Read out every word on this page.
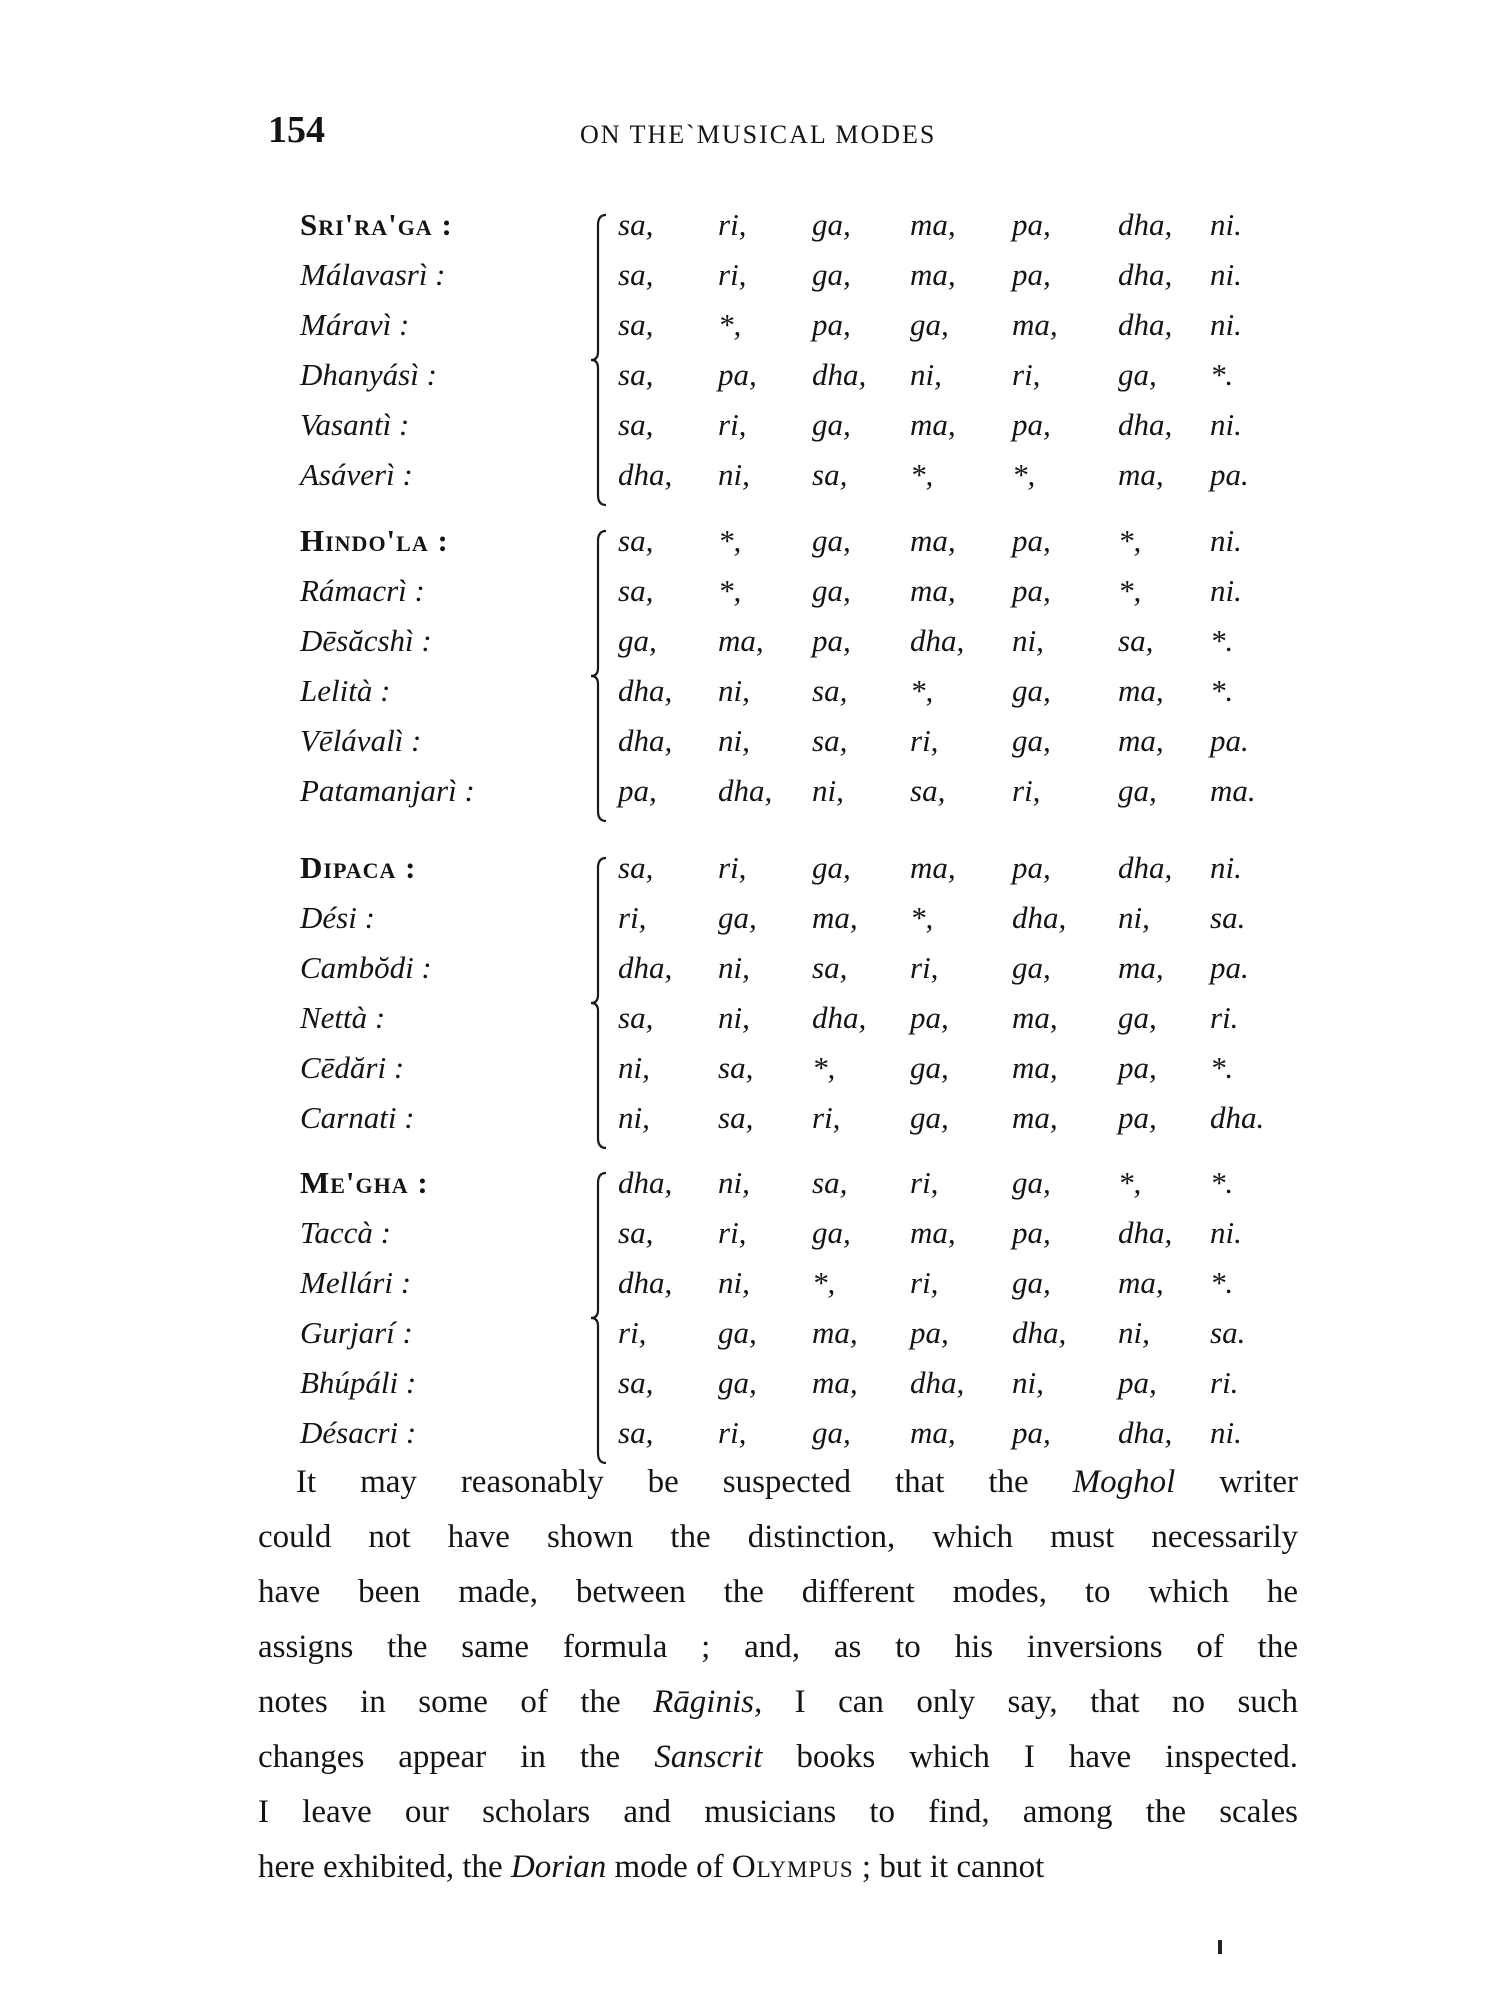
154	ON THE`MUSICAL MODES
Sri'ra'ga :	sa, ri, ga, ma, pa, dha, ni.
Málavasrì :	sa, ri, ga, ma, pa, dha, ni.
Máravì :	sa, *, pa, ga, ma, dha, ni.
Dhanyásì :	sa, pa, dha, ni, ri,	ga, *.
Vasantì :	sa, ri, ga, ma, pa, dha, ni.
Asáverì :	dha, ni, sa, *,	*,	ma, pa.
Hindo'la :	sa, *, ga, ma, pa, *, ni.
Rámacrì :	sa, *, ga, ma, pa, *, ni.
Dēsăcshì :	ga, ma, pa, dha, ni, sa, *.
Lelità :	dha, ni, sa, *,	ga, ma, *.
Vēlávalì :	dha, ni, sa, ri, ga, ma, pa.
Patamanjarì :	pa, dha, ni, sa, ri,	ga, ma.
Dipaca :	sa, ri, ga, ma, pa, dha, ni.
Dési :	ri, ga, ma, *,	dha, ni, sa.
Cambŏdi :	dha, ni, sa, ri, ga, ma, pa.
Nettà :	sa, ni, dha, pa, ma, ga, ri.
Cēdări :	ni, sa, *, ga, ma, pa, *.
Carnati :	ni, sa, ri, ga, ma, pa, dha.
Me'gha :	dha, ni, sa, ri, ga, *, *.
Taccà :	sa, ri, ga, ma, pa, dha, ni.
Mellári :	dha, ni, *, ri, ga, ma, *.
Gurjarí :	ri, ga, ma, pa, dha, ni, sa.
Bhúpáli :	sa, ga, ma, dha, ni, pa, ri.
Désacri :	sa, ri, ga, ma, pa, dha, ni.
It may reasonably be suspected that the Moghol writer
could not have shown the distinction, which must necessarily
have been made, between the different modes, to which he
assigns the same formula ; and, as to his inversions of the
notes in some of the Rāginis, I can only say, that no such
changes appear in the Sanscrit books which I have inspected.
I leave our scholars and musicians to find, among the scales
here exhibited, the Dorian mode of Olympus ; but it cannot
